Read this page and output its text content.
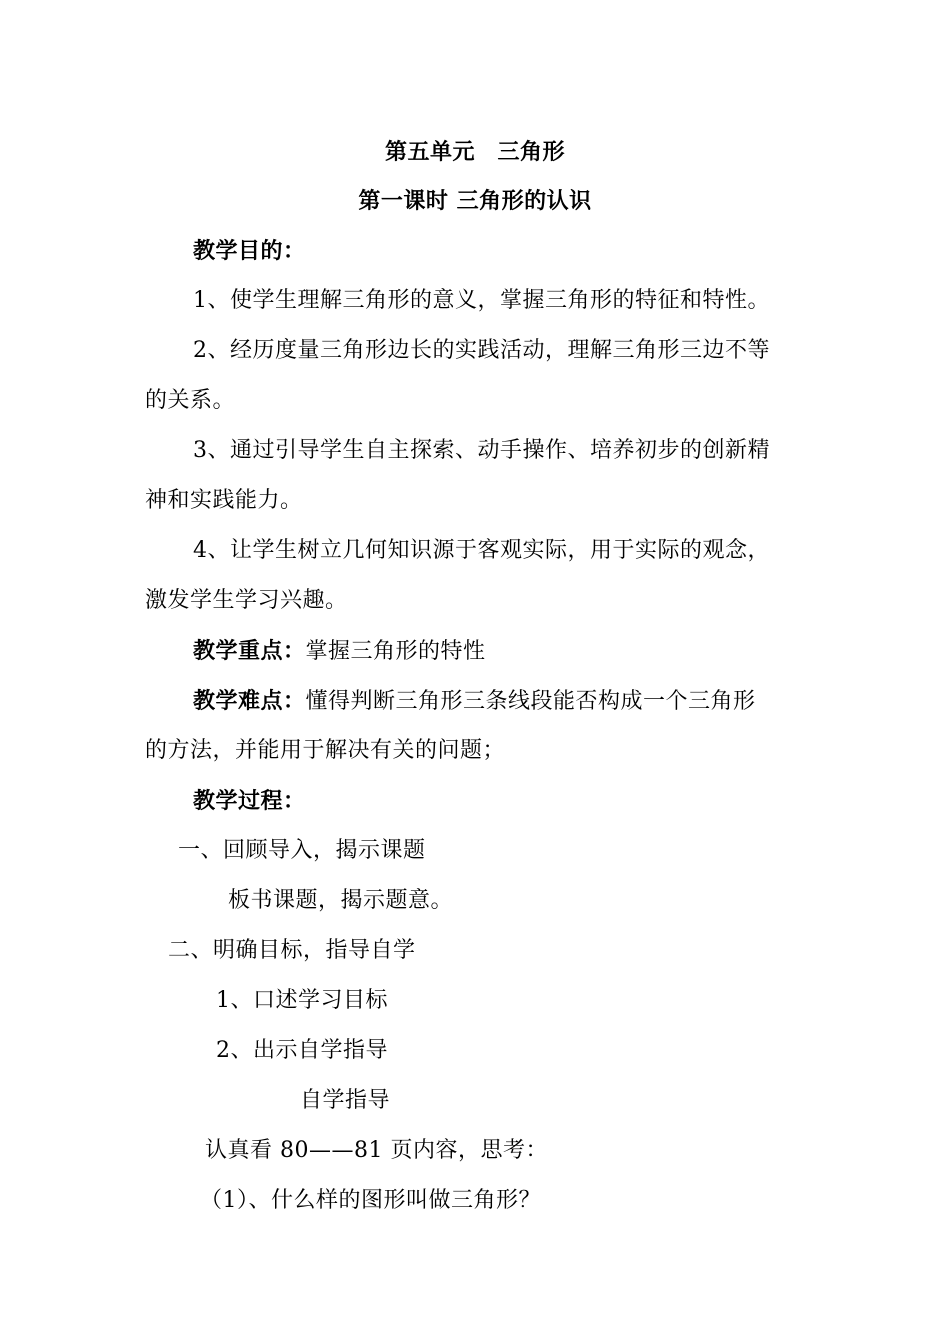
第五单元　三角形
第一课时 三角形的认识
教学目的：
1、使学生理解三角形的意义，掌握三角形的特征和特性。
2、经历度量三角形边长的实践活动，理解三角形三边不等
的关系。
3、通过引导学生自主探索、动手操作、培养初步的创新精
神和实践能力。
4、让学生树立几何知识源于客观实际，用于实际的观念，
激发学生学习兴趣。
教学重点：掌握三角形的特性
教学难点：懂得判断三角形三条线段能否构成一个三角形
的方法，并能用于解决有关的问题；
教学过程：
一、回顾导入，揭示课题
板书课题，揭示题意。
二、明确目标，指导自学
1、口述学习目标
2、出示自学指导
自学指导
认真看 80——81 页内容，思考：
（1）、什么样的图形叫做三角形？
